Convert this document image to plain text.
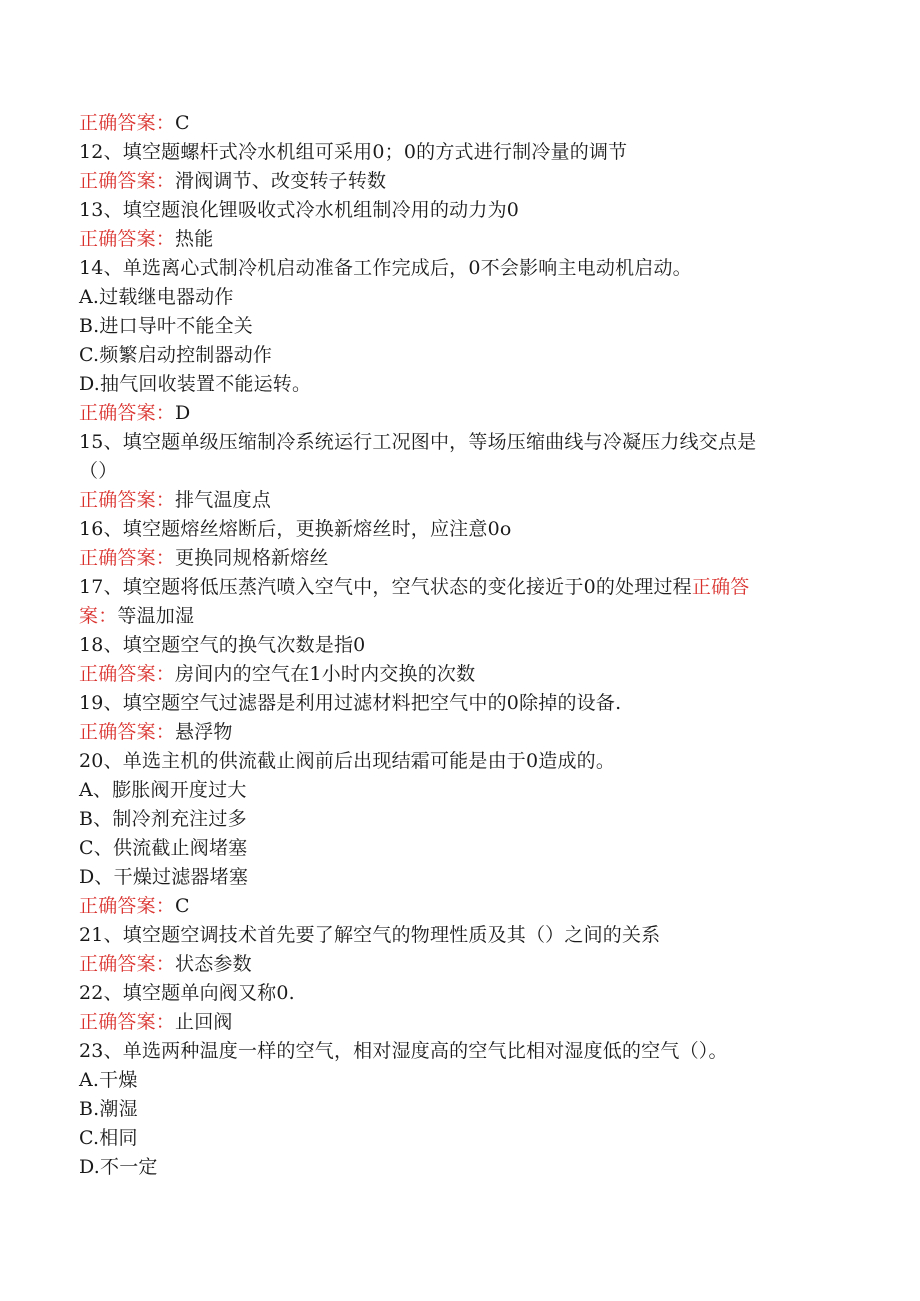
正确答案：C
12、填空题螺杆式冷水机组可采用0；0的方式进行制冷量的调节
正确答案：滑阀调节、改变转子转数
13、填空题浪化锂吸收式冷水机组制冷用的动力为0
正确答案：热能
14、单选离心式制冷机启动准备工作完成后，0不会影响主电动机启动。
A.过载继电器动作
B.进口导叶不能全关
C.频繁启动控制器动作
D.抽气回收装置不能运转。
正确答案：D
15、填空题单级压缩制冷系统运行工况图中，等场压缩曲线与冷凝压力线交点是
（）
正确答案：排气温度点
16、填空题熔丝熔断后，更换新熔丝时，应注意0o
正确答案：更换同规格新熔丝
17、填空题将低压蒸汽喷入空气中，空气状态的变化接近于0的处理过程正确答
案：等温加湿
18、填空题空气的换气次数是指0
正确答案：房间内的空气在1小时内交换的次数
19、填空题空气过滤器是利用过滤材料把空气中的0除掉的设备.
正确答案：悬浮物
20、单选主机的供流截止阀前后出现结霜可能是由于0造成的。
A、膨胀阀开度过大
B、制冷剂充注过多
C、供流截止阀堵塞
D、干燥过滤器堵塞
正确答案：C
21、填空题空调技术首先要了解空气的物理性质及其（）之间的关系
正确答案：状态参数
22、填空题单向阀又称0.
正确答案：止回阀
23、单选两种温度一样的空气，相对湿度高的空气比相对湿度低的空气（）。
A.干燥
B.潮湿
C.相同
D.不一定
